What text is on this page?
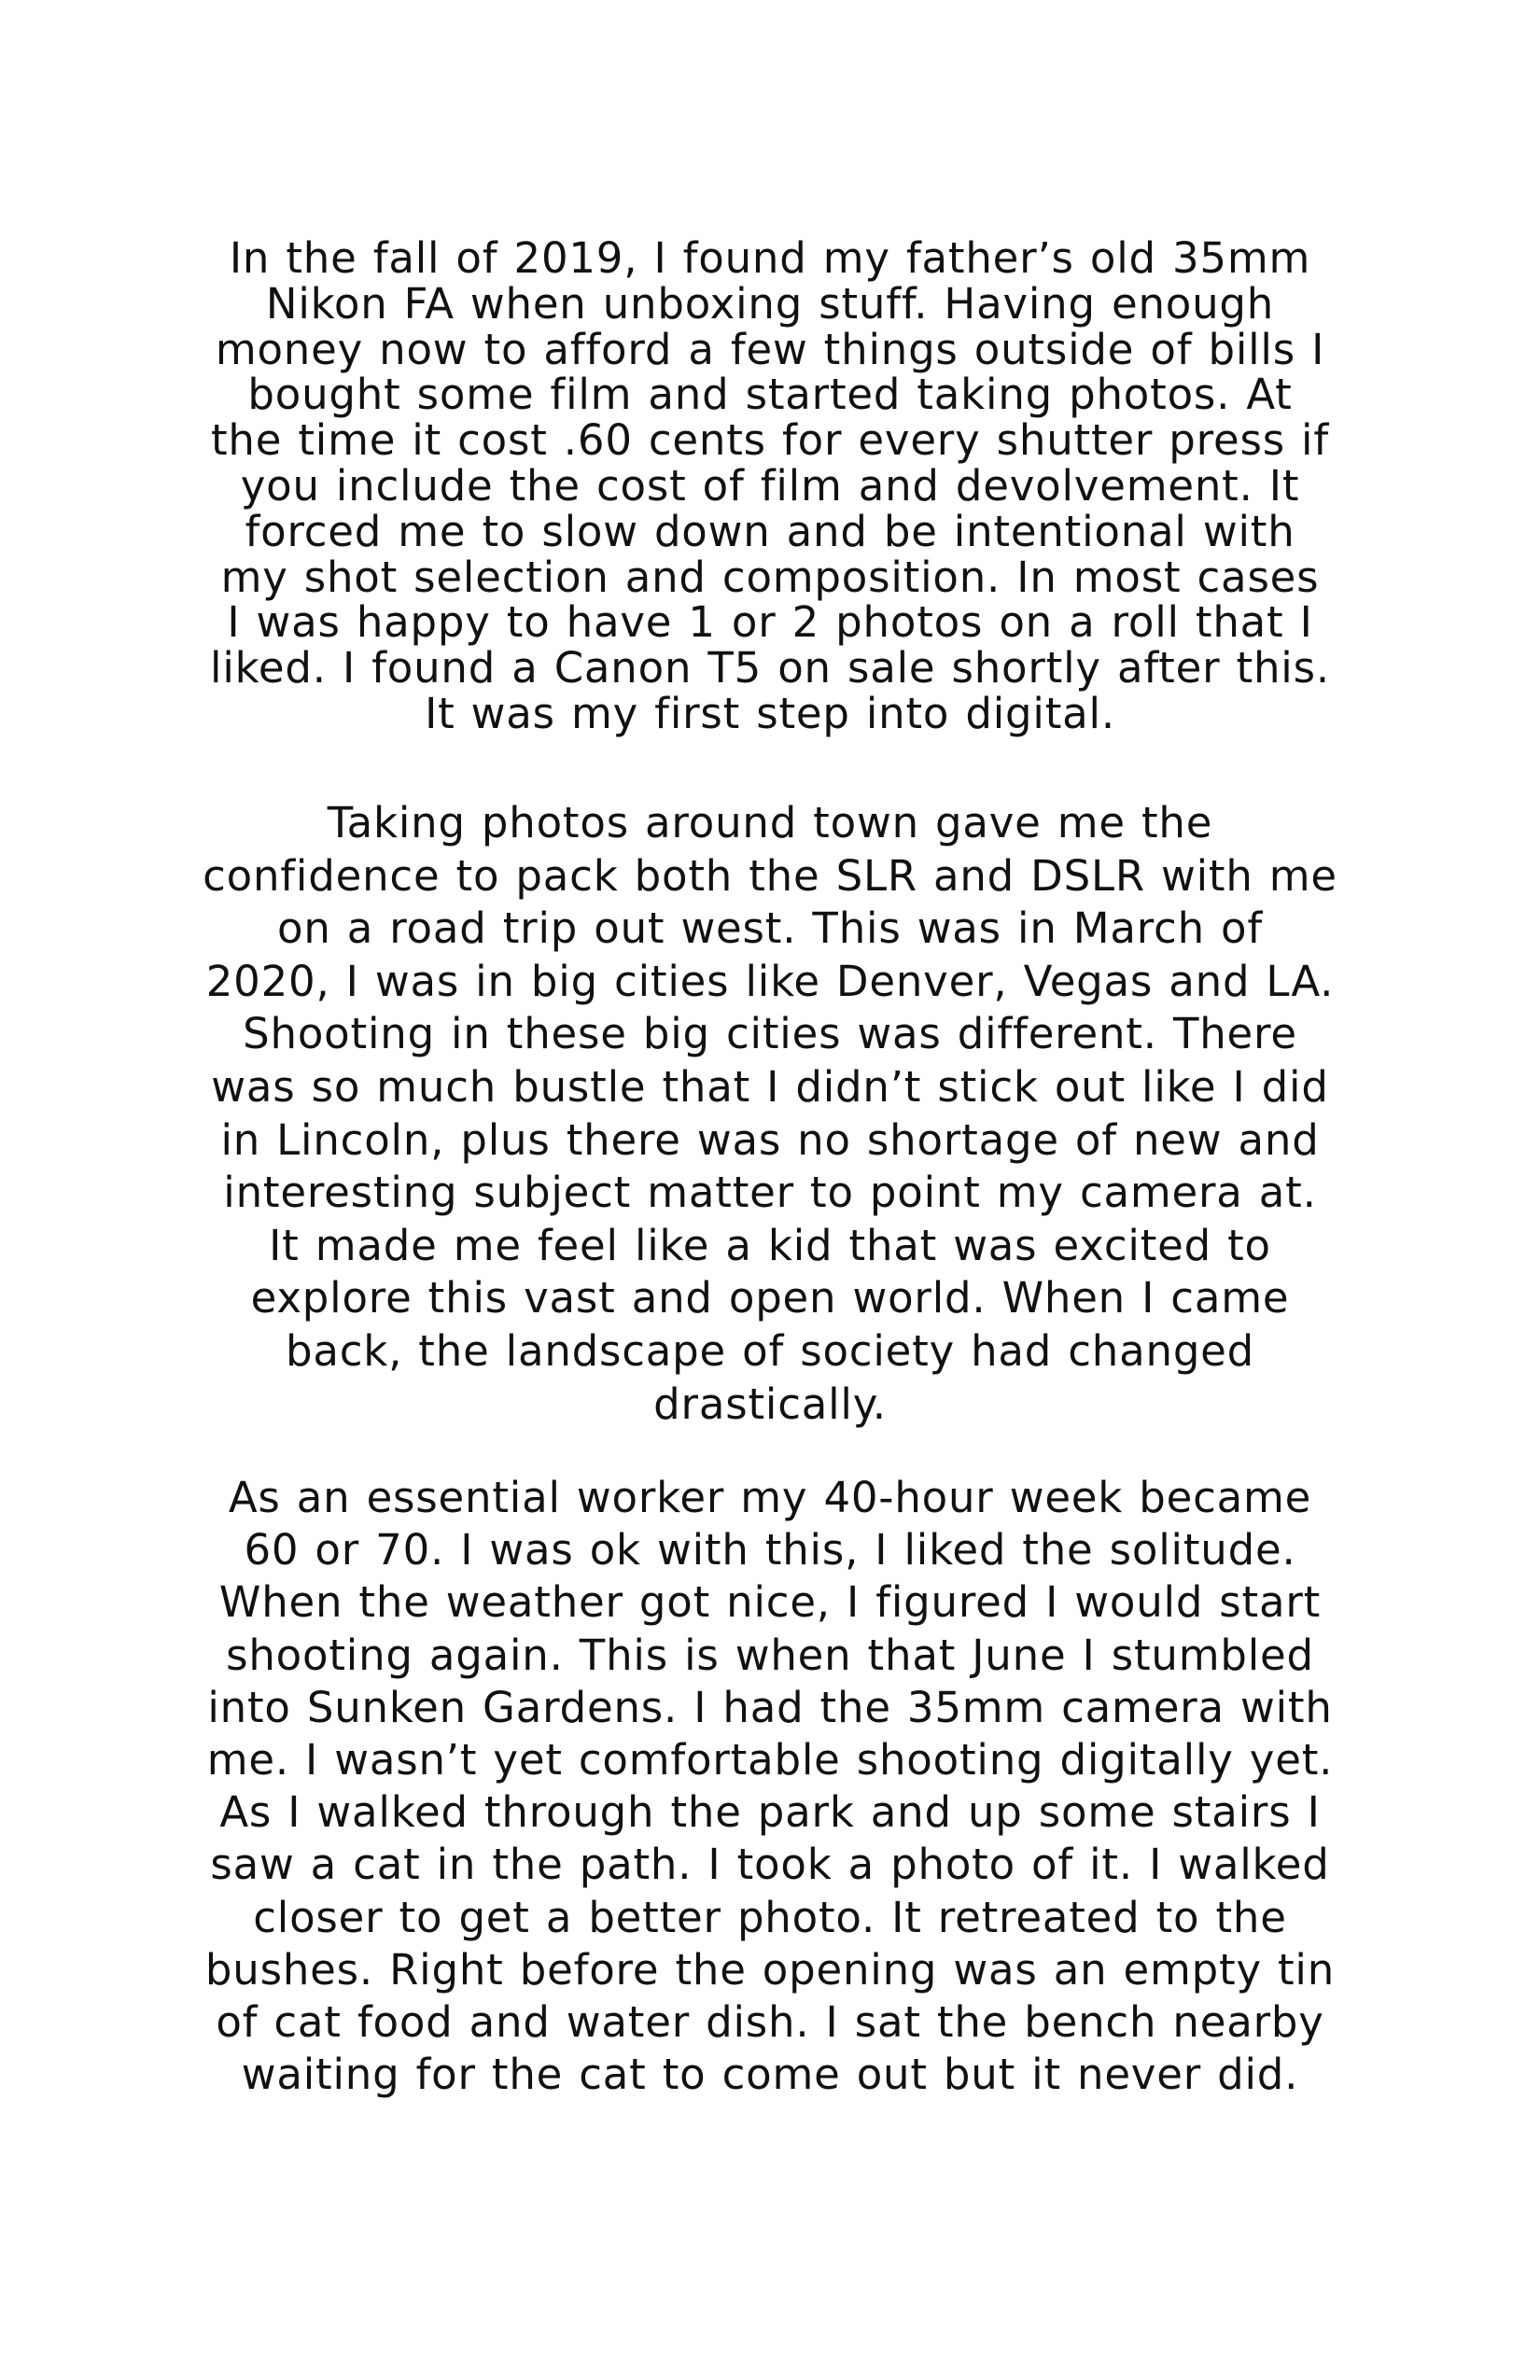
In the fall of 2019, I found my father’s old 35mm
Nikon FA when unboxing stuff. Having enough
money now to afford a few things outside of bills I
bought some film and started taking photos. At
the time it cost .60 cents for every shutter press if
you include the cost of film and devolvement. It
forced me to slow down and be intentional with
my shot selection and composition. In most cases
I was happy to have 1 or 2 photos on a roll that I
liked. I found a Canon T5 on sale shortly after this.
It was my first step into digital.

Taking photos around town gave me the
confidence to pack both the SLR and DSLR with me
on a road trip out west. This was in March of
2020, I was in big cities like Denver, Vegas and LA.
Shooting in these big cities was different. There
was so much bustle that I didn’t stick out like I did
in Lincoln, plus there was no shortage of new and
interesting subject matter to point my camera at.
It made me feel like a kid that was excited to
explore this vast and open world. When I came
back, the landscape of society had changed
drastically.

As an essential worker my 40-hour week became
60 or 70. I was ok with this, I liked the solitude.
When the weather got nice, I figured I would start
shooting again. This is when that June I stumbled
into Sunken Gardens. I had the 35mm camera with
me. I wasn’t yet comfortable shooting digitally yet.
As I walked through the park and up some stairs I
saw a cat in the path. I took a photo of it. I walked
closer to get a better photo. It retreated to the
bushes. Right before the opening was an empty tin
of cat food and water dish. I sat the bench nearby
waiting for the cat to come out but it never did.
